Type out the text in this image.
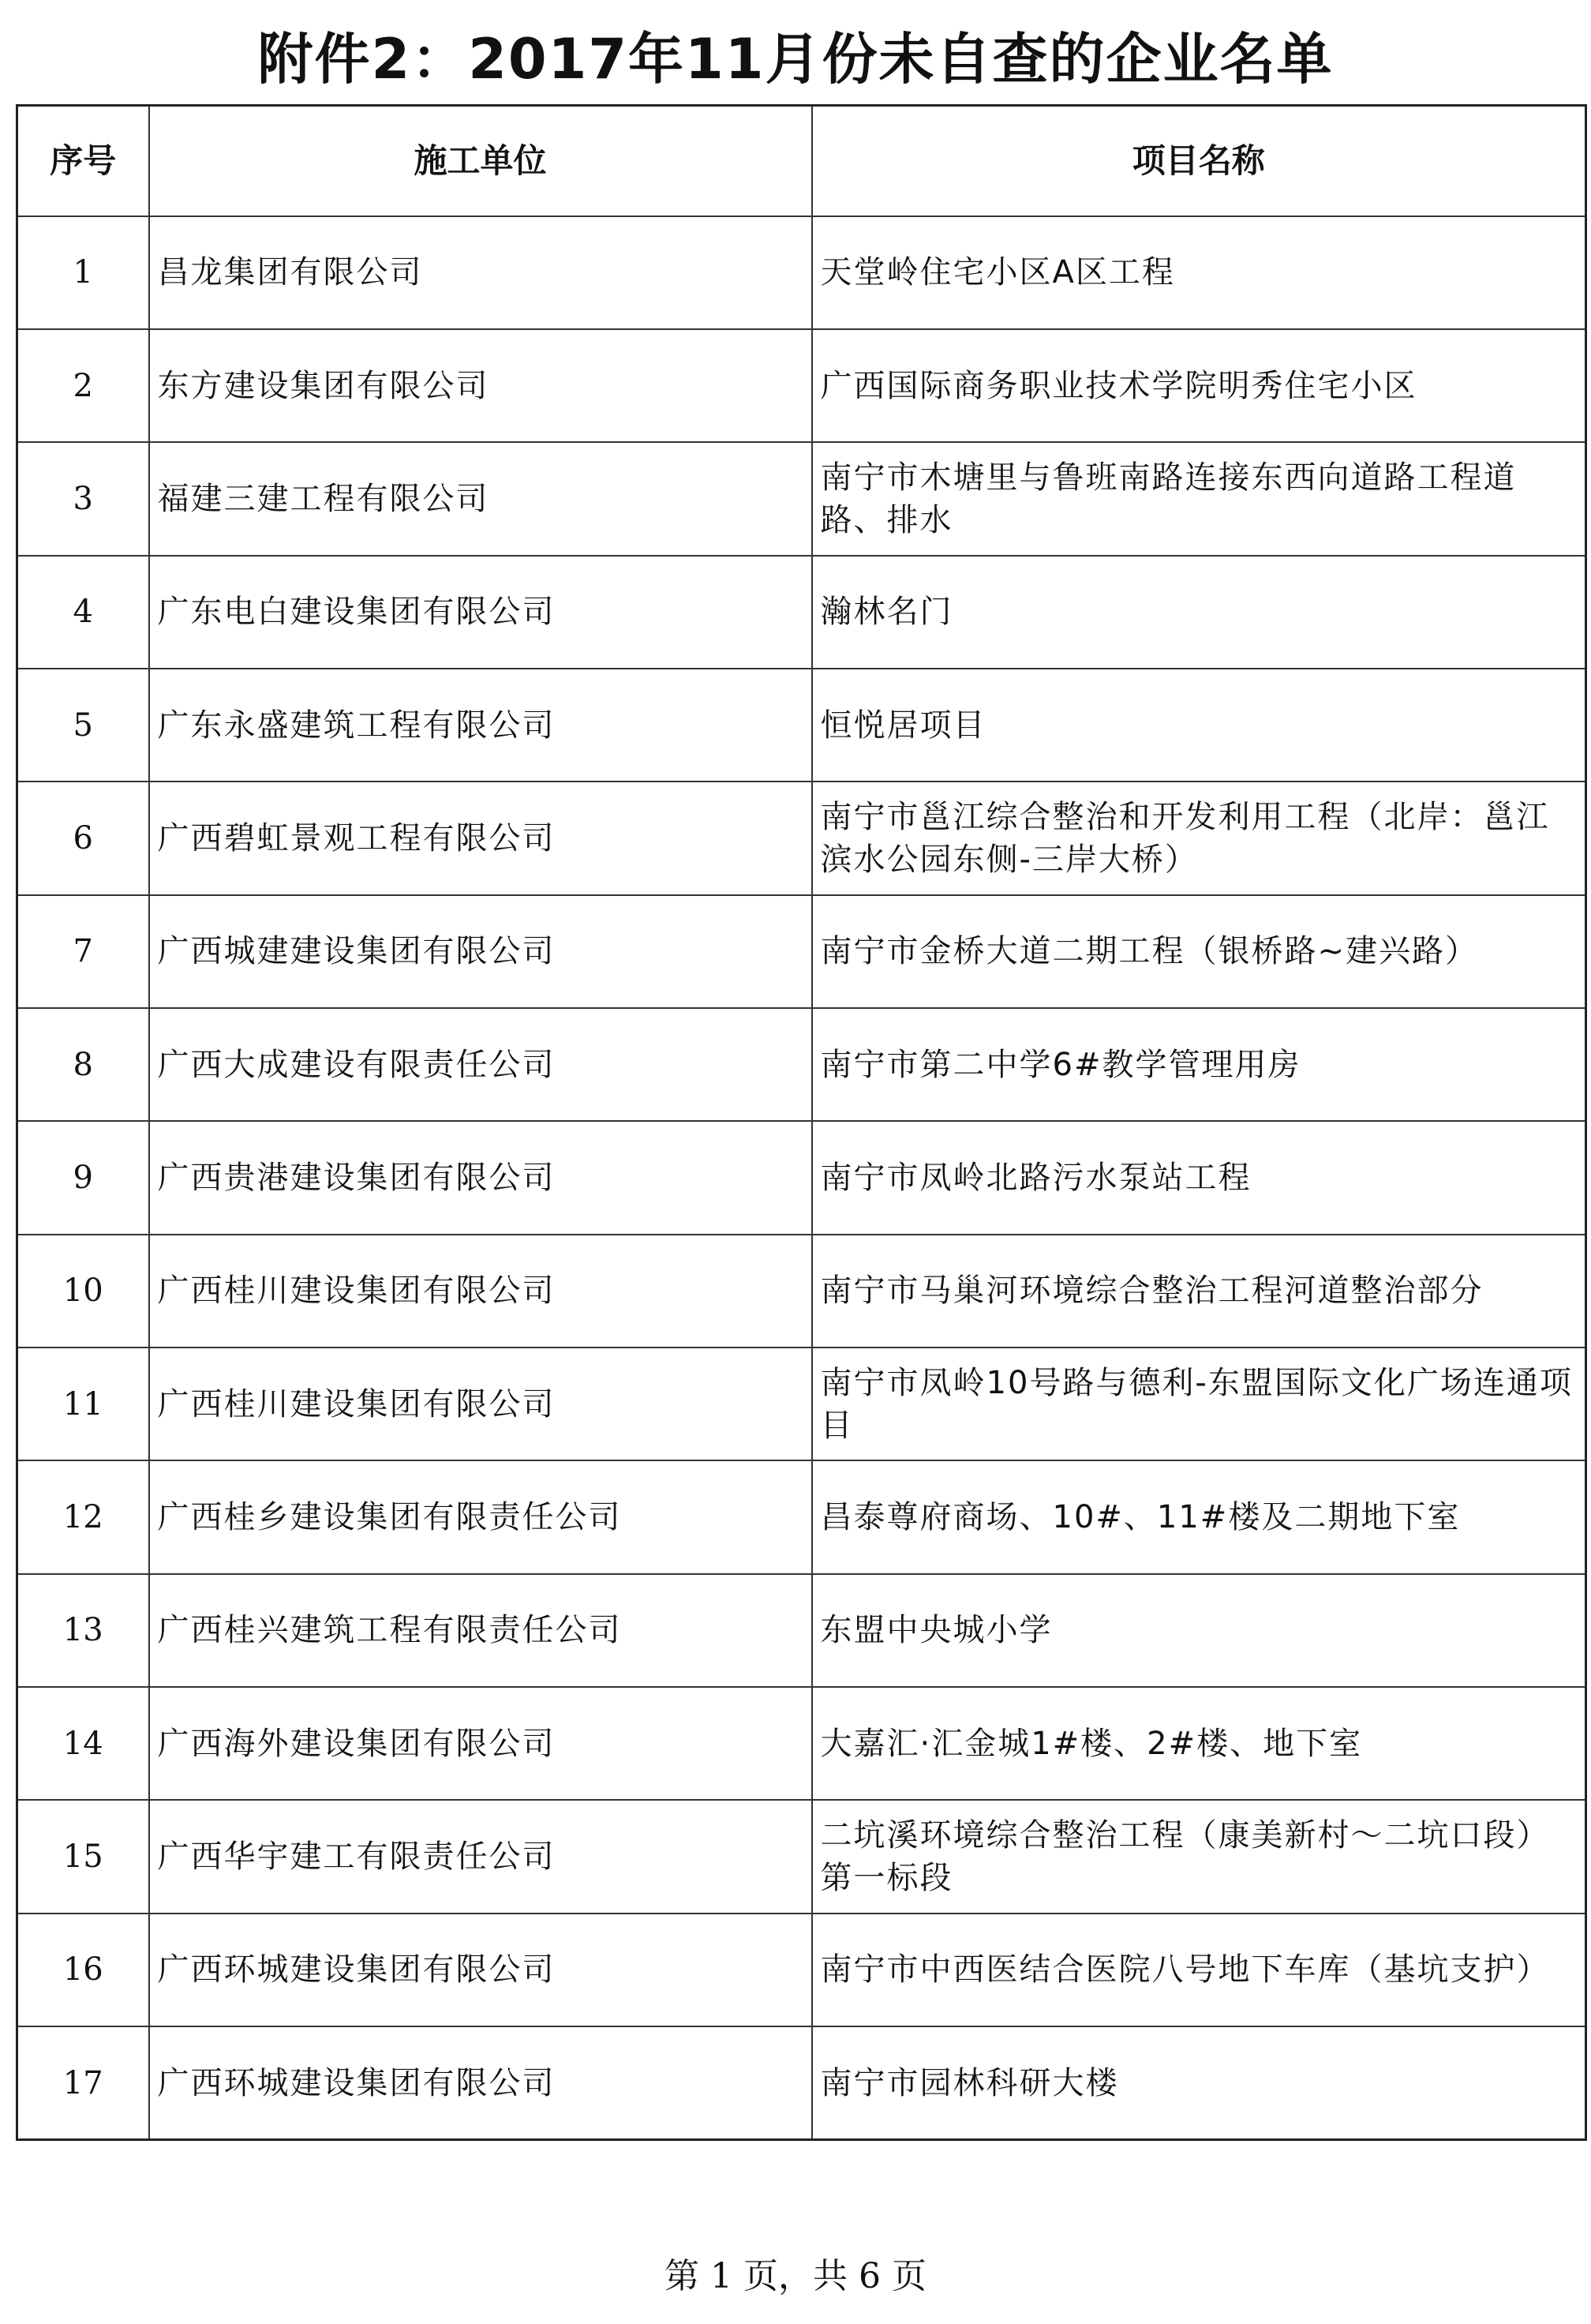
附件2：2017年11月份未自查的企业名单
序号	施工单位	项目名称
1	昌龙集团有限公司	天堂岭住宅小区A区工程
2	东方建设集团有限公司	广西国际商务职业技术学院明秀住宅小区
3	福建三建工程有限公司	南宁市木塘里与鲁班南路连接东西向道路工程道路、排水
4	广东电白建设集团有限公司	瀚林名门
5	广东永盛建筑工程有限公司	恒悦居项目
6	广西碧虹景观工程有限公司	南宁市邕江综合整治和开发利用工程（北岸：邕江滨水公园东侧-三岸大桥）
7	广西城建建设集团有限公司	南宁市金桥大道二期工程（银桥路~建兴路）
8	广西大成建设有限责任公司	南宁市第二中学6#教学管理用房
9	广西贵港建设集团有限公司	南宁市凤岭北路污水泵站工程
10	广西桂川建设集团有限公司	南宁市马巢河环境综合整治工程河道整治部分
11	广西桂川建设集团有限公司	南宁市凤岭10号路与德利-东盟国际文化广场连通项目
12	广西桂乡建设集团有限责任公司	昌泰尊府商场、10#、11#楼及二期地下室
13	广西桂兴建筑工程有限责任公司	东盟中央城小学
14	广西海外建设集团有限公司	大嘉汇·汇金城1#楼、2#楼、地下室
15	广西华宇建工有限责任公司	二坑溪环境综合整治工程（康美新村～二坑口段）第一标段
16	广西环城建设集团有限公司	南宁市中西医结合医院八号地下车库（基坑支护）
17	广西环城建设集团有限公司	南宁市园林科研大楼
第 1 页，共 6 页
